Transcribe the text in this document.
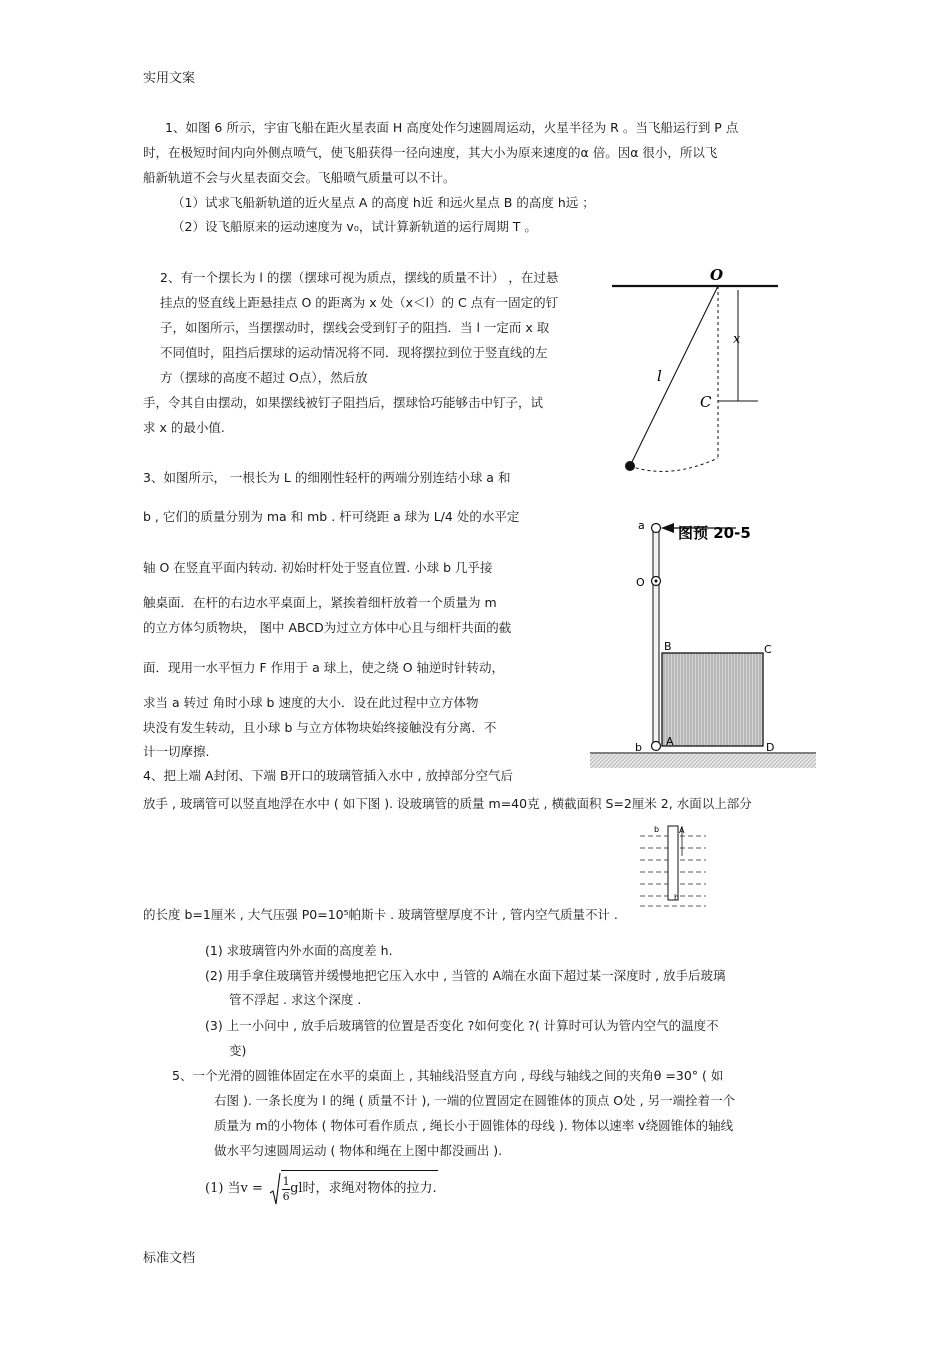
实用文案
标准文档
1、如图 6 所示，宇宙飞船在距火星表面 H 高度处作匀速圆周运动，火星半径为 R 。当飞船运行到 P 点
时，在极短时间内向外侧点喷气，使飞船获得一径向速度，其大小为原来速度的α 倍。因α 很小，所以飞
船新轨道不会与火星表面交会。飞船喷气质量可以不计。
（1）试求飞船新轨道的近火星点 A 的高度 h近 和远火星点 B 的高度 h远 ；
（2）设飞船原来的运动速度为 v₀，试计算新轨道的运行周期 T 。
2、有一个摆长为 l 的摆（摆球可视为质点，摆线的质量不计） ，在过悬
挂点的竖直线上距悬挂点 O 的距离为 x 处（x＜l）的 C 点有一固定的钉
子，如图所示，当摆摆动时，摆线会受到钉子的阻挡．当 l 一定而 x 取
不同值时，阻挡后摆球的运动情况将不同．现将摆拉到位于竖直线的左
方（摆球的高度不超过 O点），然后放
手，令其自由摆动，如果摆线被钉子阻挡后，摆球恰巧能够击中钉子，试
求 x 的最小值.
O
x
l
C
3、如图所示， 一根长为 L 的细刚性轻杆的两端分别连结小球 a 和
b , 它们的质量分别为 ma 和 mb . 杆可绕距 a 球为 L/4 处的水平定
轴 O 在竖直平面内转动. 初始时杆处于竖直位置. 小球 b 几乎接
触桌面．在杆的右边水平桌面上，紧挨着细杆放着一个质量为 m
的立方体匀质物块， 图中 ABCD为过立方体中心且与细杆共面的截
面．现用一水平恒力 F 作用于 a 球上，使之绕 O 轴逆时针转动，
求当 a 转过 角时小球 b 速度的大小．设在此过程中立方体物
块没有发生转动，且小球 b 与立方体物块始终接触没有分离．不
计一切摩擦.
图预 20-5
a
O
b A
B	C
D
4、把上端 A封闭、下端 B开口的玻璃管插入水中 , 放掉部分空气后
放手 , 玻璃管可以竖直地浮在水中 ( 如下图 ). 设玻璃管的质量 m=40克 , 横截面积 S=2厘米 2, 水面以上部分
的长度 b=1厘米 , 大气压强 P0=10⁵帕斯卡 . 玻璃管壁厚度不计 , 管内空气质量不计 .
(1) 求玻璃管内外水面的高度差 h.
(2) 用手拿住玻璃管并缓慢地把它压入水中 , 当管的 A端在水面下超过某一深度时 , 放手后玻璃
管不浮起 . 求这个深度 .
(3) 上一小问中 , 放手后玻璃管的位置是否变化 ?如何变化 ?( 计算时可认为管内空气的温度不
变)
b A
h
5、一个光滑的圆锥体固定在水平的桌面上 , 其轴线沿竖直方向 , 母线与轴线之间的夹角θ =30° ( 如
右图 ). 一条长度为 l 的绳 ( 质量不计 ), 一端的位置固定在圆锥体的顶点 O处 , 另一端拴着一个
质量为 m的小物体 ( 物体可看作质点 , 绳长小于圆锥体的母线 ). 物体以速率 v绕圆锥体的轴线
做水平匀速圆周运动 ( 物体和绳在上图中都没画出 ).
(1) 当$v = \frac{1}{6}$ gl时，求绳对物体的拉力.
